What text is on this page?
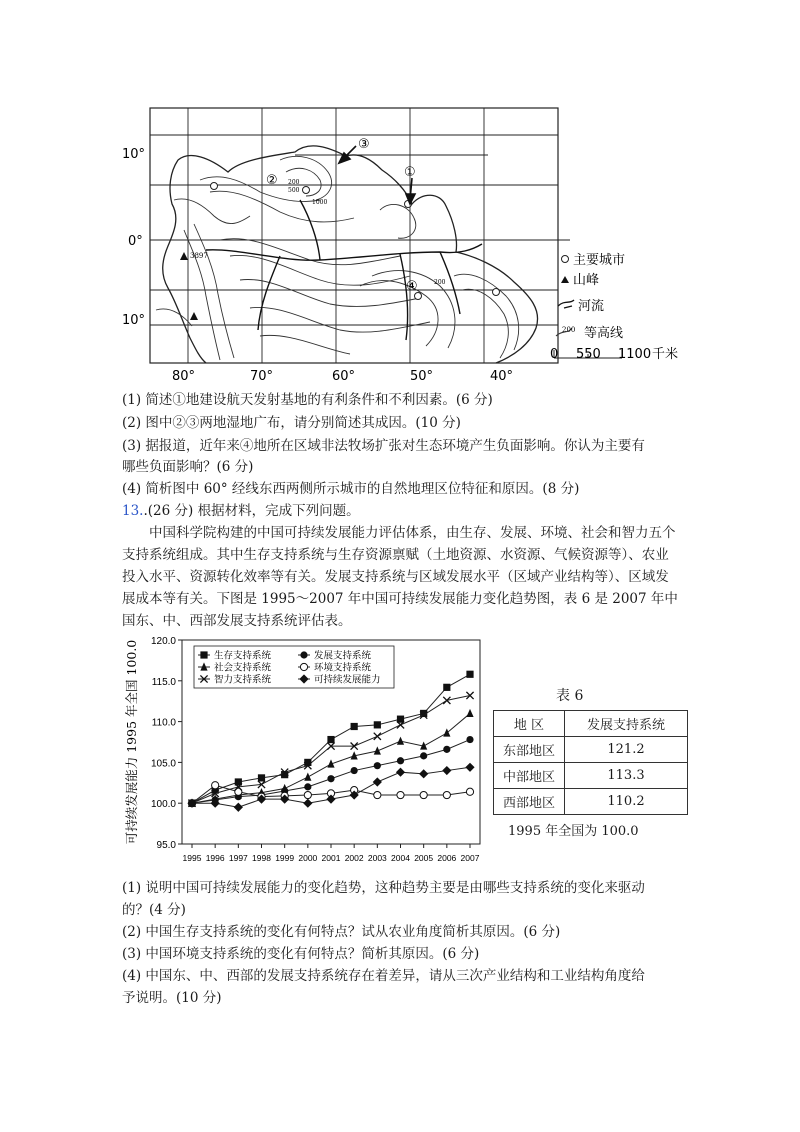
10°
0°
10°
80°	70°	60°	50°	40°
①
②
③
④
3897
200
500
1000
200
主要城市
山峰
河流
200 等高线
0 550 1100 千米
(1) 简述①地建设航天发射基地的有利条件和不利因素。(6 分)
(2) 图中②③两地湿地广布，请分别简述其成因。(10 分)
(3) 据报道，近年来④地所在区域非法牧场扩张对生态环境产生负面影响。你认为主要有
哪些负面影响？(6 分)
(4) 简析图中 60° 经线东西两侧所示城市的自然地理区位特征和原因。(8 分)
13..(26 分) 根据材料，完成下列问题。
中国科学院构建的中国可持续发展能力评估体系，由生存、发展、环境、社会和智力五个支持系统组成。其中生存支持系统与生存资源禀赋（土地资源、水资源、气候资源等）、农业投入水平、资源转化效率等有关。发展支持系统与区域发展水平（区域产业结构等）、区域发展成本等有关。下图是 1995～2007 年中国可持续发展能力变化趋势图，表 6 是 2007 年中国东、中、西部发展支持系统评估表。
95.0
100.0
105.0
110.0
115.0
120.0
1995 1996 1997 1998 1999 2000 2001 2002 2003 2004 2005 2006 2007
可持续发展能力 1995 年全国 100.0	生存支持系统	发展支持系统
社会支持系统	环境支持系统
智力支持系统	可持续发展能力
表 6
地 区	发展支持系统
东部地区	121.2
中部地区	113.3
西部地区	110.2
1995 年全国为 100.0
(1) 说明中国可持续发展能力的变化趋势，这种趋势主要是由哪些支持系统的变化来驱动
的？(4 分)
(2) 中国生存支持系统的变化有何特点？试从农业角度简析其原因。(6 分)
(3) 中国环境支持系统的变化有何特点？简析其原因。(6 分)
(4) 中国东、中、西部的发展支持系统存在着差异，请从三次产业结构和工业结构角度给
予说明。(10 分)
